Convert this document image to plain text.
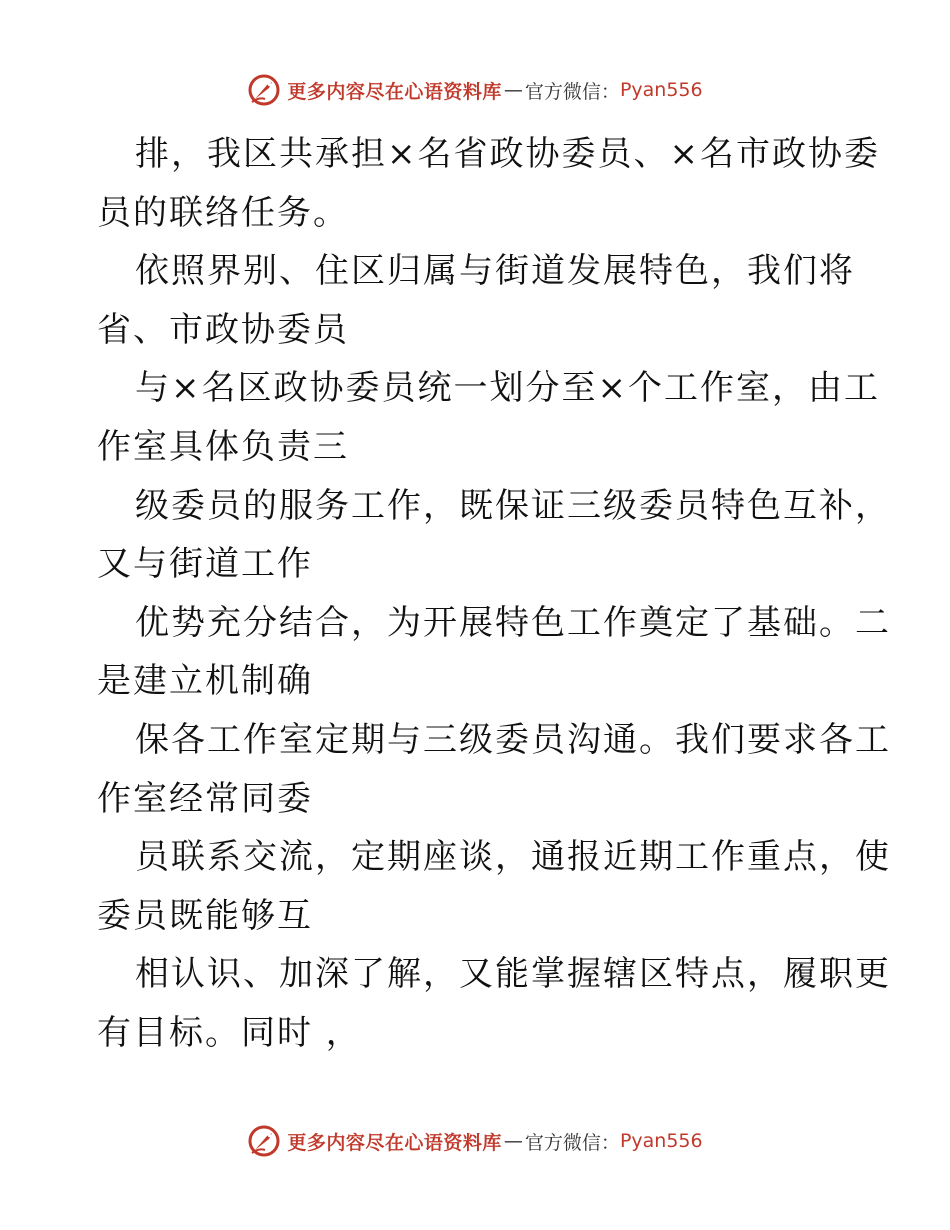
更多内容尽在心语资料库 — 官方微信： Pyan556
排，我区共承担×名省政协委员、×名市政协委
员的联络任务。
依照界别、住区归属与街道发展特色，我们将
省、市政协委员
与×名区政协委员统一划分至×个工作室，由工
作室具体负责三
级委员的服务工作，既保证三级委员特色互补，
又与街道工作
优势充分结合，为开展特色工作奠定了基础。二
是建立机制确
保各工作室定期与三级委员沟通。我们要求各工
作室经常同委
员联系交流，定期座谈，通报近期工作重点，使
委员既能够互
相认识、加深了解，又能掌握辖区特点，履职更
有目标。同时 ，
更多内容尽在心语资料库 — 官方微信： Pyan556
